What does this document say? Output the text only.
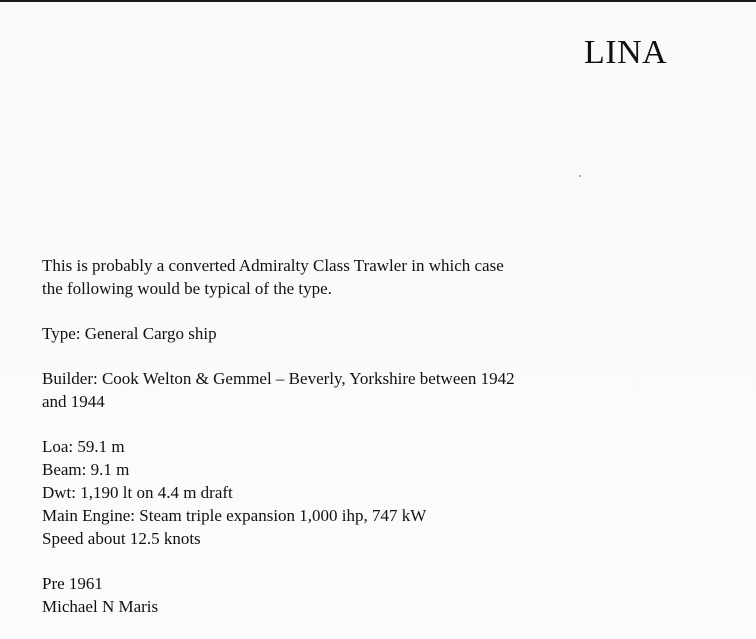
LINA

This is probably a converted Admiralty Class Trawler in which case
the following would be typical of the type.

Type: General Cargo ship

Builder: Cook Welton & Gemmel – Beverly, Yorkshire between 1942
and 1944

Loa: 59.1 m
Beam: 9.1 m
Dwt: 1,190 lt on 4.4 m draft
Main Engine: Steam triple expansion 1,000 ihp, 747 kW
Speed about 12.5 knots

Pre 1961
Michael N Maris
